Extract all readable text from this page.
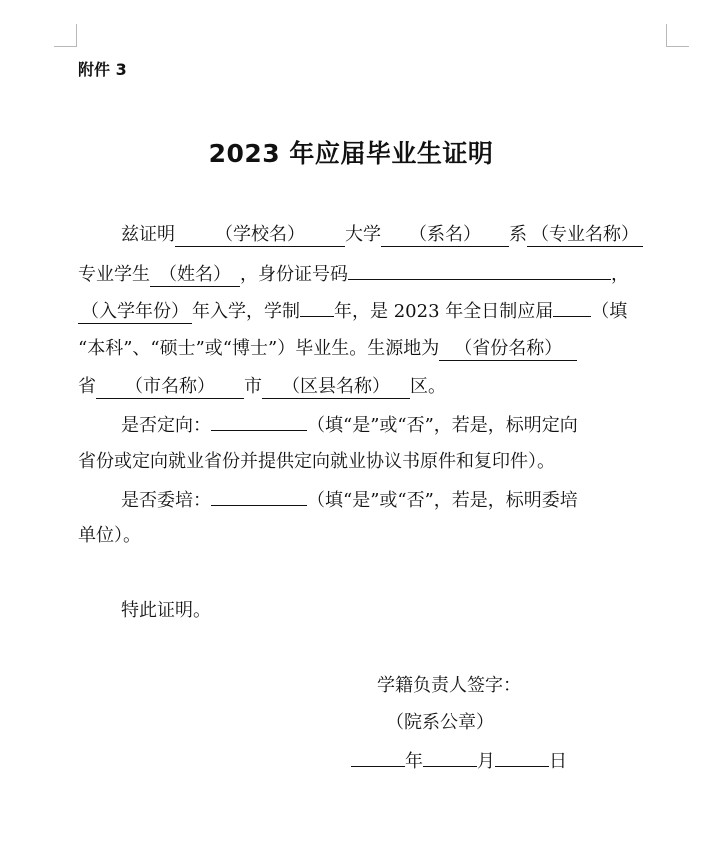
附件 3
2023 年应届毕业生证明
兹证明 （学校名） 大学 （系名） 系 （专业名称）
专业学生 （姓名） ，身份证号码	，
（入学年份） 年入学，学制 年，是 2023 年全日制应届 （填
“本科”、“硕士”或“博士”）毕业生。生源地为 （省份名称）
省 （市名称） 市 （区县名称） 区。
是否定向：	（填“是”或“否”，若是，标明定向
省份或定向就业省份并提供定向就业协议书原件和复印件）。
是否委培：	（填“是”或“否”，若是，标明委培
单位）。
特此证明。
学籍负责人签字：
（院系公章）
年	月	日
